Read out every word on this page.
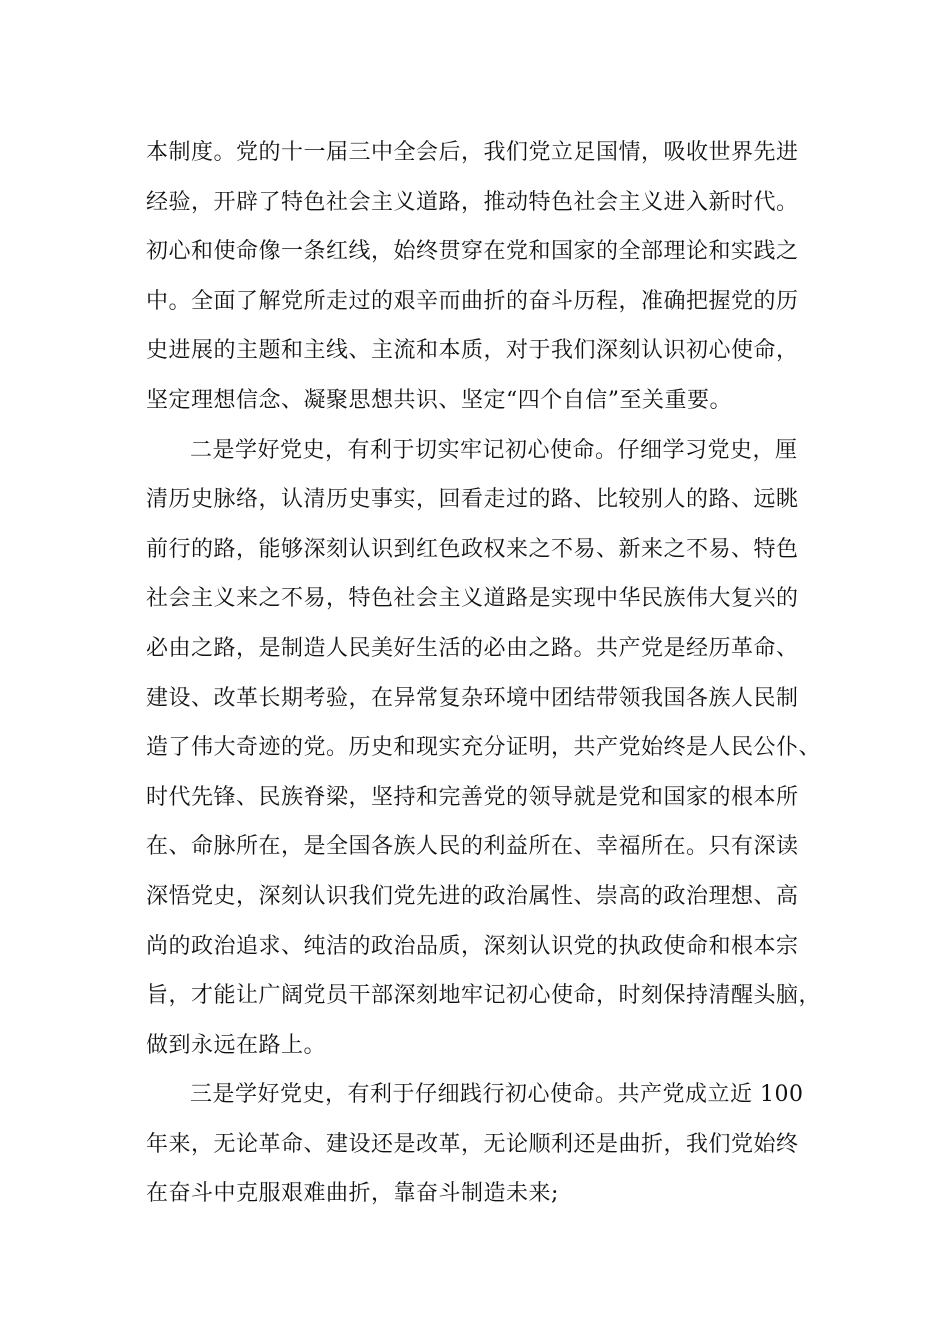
本制度。党的十一届三中全会后，我们党立足国情，吸收世界先进
经验，开辟了特色社会主义道路，推动特色社会主义进入新时代。
初心和使命像一条红线，始终贯穿在党和国家的全部理论和实践之
中。全面了解党所走过的艰辛而曲折的奋斗历程，准确把握党的历
史进展的主题和主线、主流和本质，对于我们深刻认识初心使命，
坚定理想信念、凝聚思想共识、坚定“四个自信”至关重要。
二是学好党史，有利于切实牢记初心使命。仔细学习党史，厘
清历史脉络，认清历史事实，回看走过的路、比较别人的路、远眺
前行的路，能够深刻认识到红色政权来之不易、新来之不易、特色
社会主义来之不易，特色社会主义道路是实现中华民族伟大复兴的
必由之路，是制造人民美好生活的必由之路。共产党是经历革命、
建设、改革长期考验，在异常复杂环境中团结带领我国各族人民制
造了伟大奇迹的党。历史和现实充分证明，共产党始终是人民公仆、
时代先锋、民族脊梁，坚持和完善党的领导就是党和国家的根本所
在、命脉所在，是全国各族人民的利益所在、幸福所在。只有深读
深悟党史，深刻认识我们党先进的政治属性、崇高的政治理想、高
尚的政治追求、纯洁的政治品质，深刻认识党的执政使命和根本宗
旨，才能让广阔党员干部深刻地牢记初心使命，时刻保持清醒头脑，
做到永远在路上。
三是学好党史，有利于仔细践行初心使命。共产党成立近 100
年来，无论革命、建设还是改革，无论顺利还是曲折，我们党始终
在奋斗中克服艰难曲折，靠奋斗制造未来;
